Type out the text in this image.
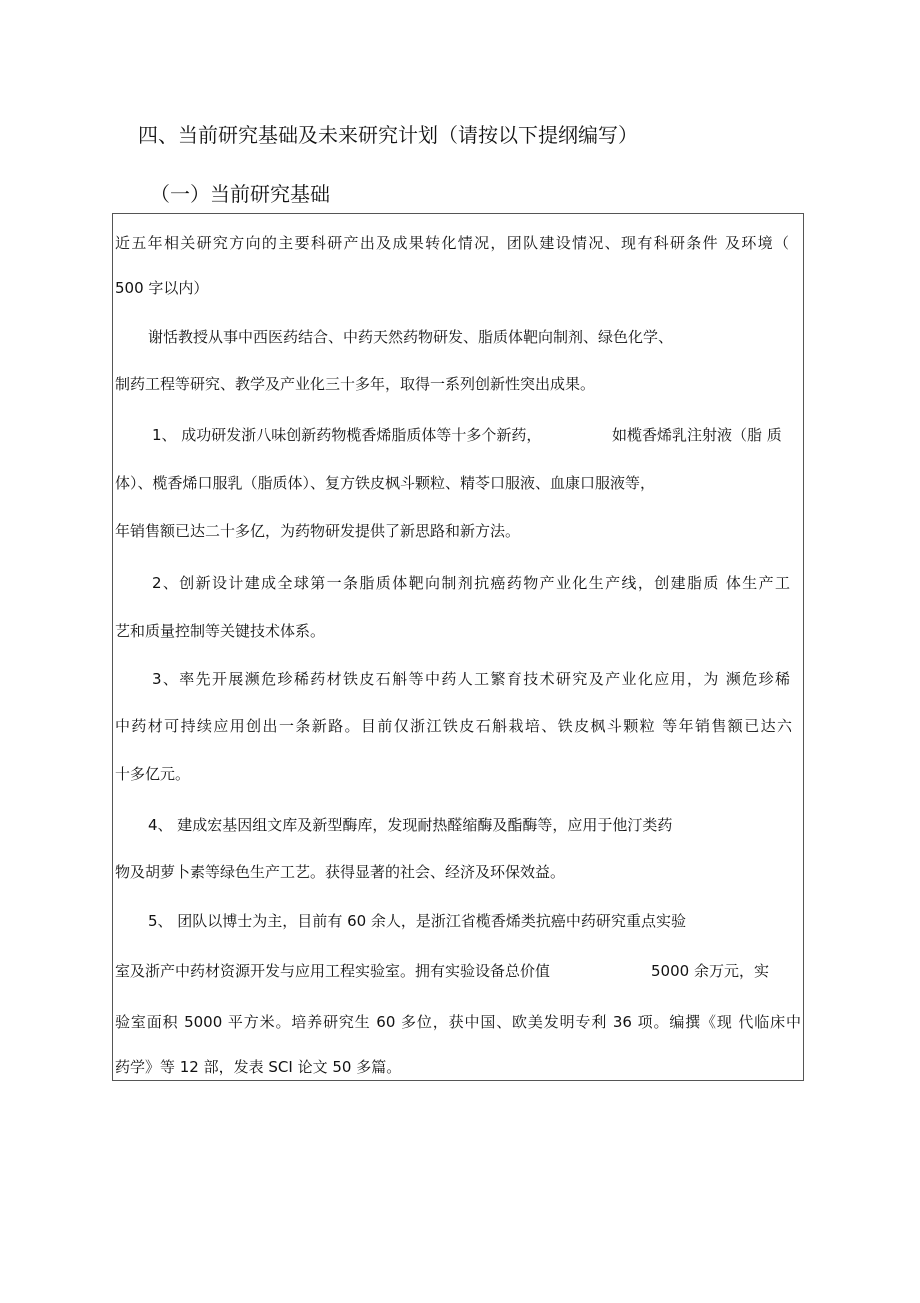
四、当前研究基础及未来研究计划（请按以下提纲编写）
（一）当前研究基础
近五年相关研究方向的主要科研产出及成果转化情况，团队建设情况、现有科研条件 及环境（
500 字以内）
谢恬教授从事中西医药结合、中药天然药物研发、脂质体靶向制剂、绿色化学、
制药工程等研究、教学及产业化三十多年，取得一系列创新性突出成果。
1、 成功研发浙八味创新药物榄香烯脂质体等十多个新药，	如榄香烯乳注射液（脂 质
体）、榄香烯口服乳（脂质体）、复方铁皮枫斗颗粒、精苓口服液、血康口服液等，
年销售额已达二十多亿，为药物研发提供了新思路和新方法。
2、创新设计建成全球第一条脂质体靶向制剂抗癌药物产业化生产线，创建脂质 体生产工
艺和质量控制等关键技术体系。
3、率先开展濒危珍稀药材铁皮石斛等中药人工繁育技术研究及产业化应用，为 濒危珍稀
中药材可持续应用创出一条新路。目前仅浙江铁皮石斛栽培、铁皮枫斗颗粒 等年销售额已达六
十多亿元。
4、 建成宏基因组文库及新型酶库，发现耐热醛缩酶及酯酶等，应用于他汀类药
物及胡萝卜素等绿色生产工艺。获得显著的社会、经济及环保效益。
5、 团队以博士为主，目前有 60 余人，是浙江省榄香烯类抗癌中药研究重点实验
室及浙产中药材资源开发与应用工程实验室。拥有实验设备总价值	5000 余万元，实
验室面积 5000 平方米。培养研究生 60 多位，获中国、欧美发明专利 36 项。编撰《现 代临床中
药学》等 12 部，发表 SCI 论文 50 多篇。
